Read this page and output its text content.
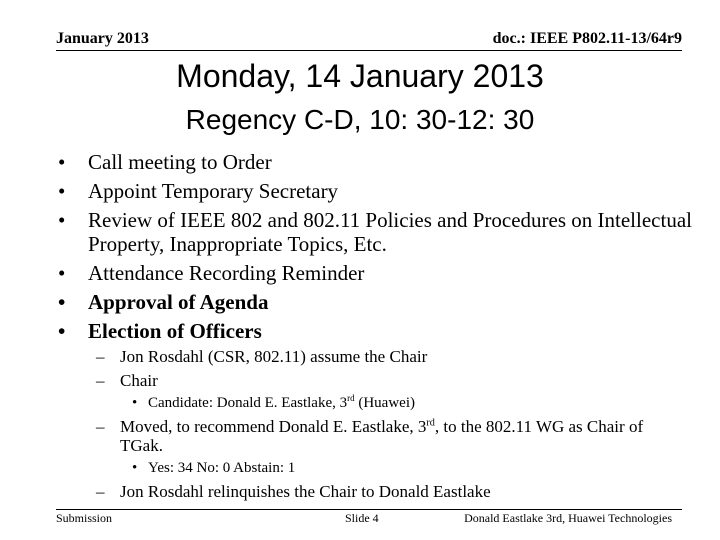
January 2013	doc.: IEEE P802.11-13/64r9
Monday, 14 January 2013
Regency C-D, 10: 30-12: 30
• Call meeting to Order
• Appoint Temporary Secretary
• Review of IEEE 802 and 802.11 Policies and Procedures on Intellectual Property, Inappropriate Topics, Etc.
• Attendance Recording Reminder
• Approval of Agenda
• Election of Officers
– Jon Rosdahl (CSR, 802.11) assume the Chair
– Chair
• Candidate: Donald E. Eastlake, 3rd (Huawei)
– Moved, to recommend Donald E. Eastlake, 3rd, to the 802.11 WG as Chair of TGak.
• Yes: 34 No: 0 Abstain: 1
– Jon Rosdahl relinquishes the Chair to Donald Eastlake
Submission	Slide 4	Donald Eastlake 3rd, Huawei Technologies
